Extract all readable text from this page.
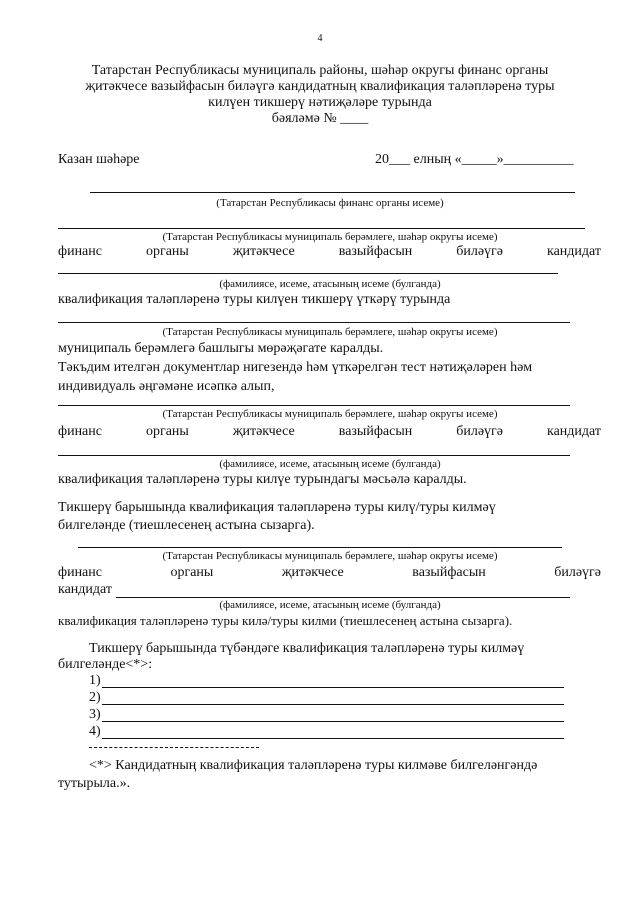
4
Татарстан Республикасы муниципаль районы, шәһәр округы финанс органы
җитәкчесе вазыйфасын биләүгә кандидатның квалификация таләпләренә туры
килүен тикшерү нәтиҗәләре турында
бәяләмә № ____
Казан шәһәре	20___ елның «_____»__________
(Татарстан Республикасы финанс органы исеме)
(Татарстан Республикасы муниципаль берәмлеге, шәһәр округы исеме)
финанс	органы	җитәкчесе	вазыйфасын	биләүгә	кандидат
(фамилиясе, исеме, атасының исеме (булганда)
квалификация таләпләренә туры килүен тикшерү үткәрү турында
(Татарстан Республикасы муниципаль берәмлеге, шәһәр округы исеме)
муниципаль берәмлегә башлыгы мөрәҗәгате каралды.
Тәкъдим ителгән документлар нигезендә һәм үткәрелгән тест нәтиҗәләрен һәм
индивидуаль әңгәмәне исәпкә алып,
(Татарстан Республикасы муниципаль берәмлеге, шәһәр округы исеме)
финанс	органы	җитәкчесе	вазыйфасын	биләүгә	кандидат
(фамилиясе, исеме, атасының исеме (булганда)
квалификация таләпләренә туры килүе турындагы мәсьәлә каралды.
Тикшерү барышында квалификация таләпләренә туры килү/туры килмәү
билгеләнде (тиешлесенең астына сызарга).
(Татарстан Республикасы муниципаль берәмлеге, шәһәр округы исеме)
финанс	органы	җитәкчесе	вазыйфасын	биләүгә
кандидат
(фамилиясе, исеме, атасының исеме (булганда)
квалификация таләпләренә туры килә/туры килми (тиешлесенең астына сызарга).
Тикшерү барышында түбәндәге квалификация таләпләренә туры килмәү
билгеләнде<*>:
1)
2)
3)
4)
<*> Кандидатның квалификация таләпләренә туры килмәве билгеләнгәндә
тутырыла.».
